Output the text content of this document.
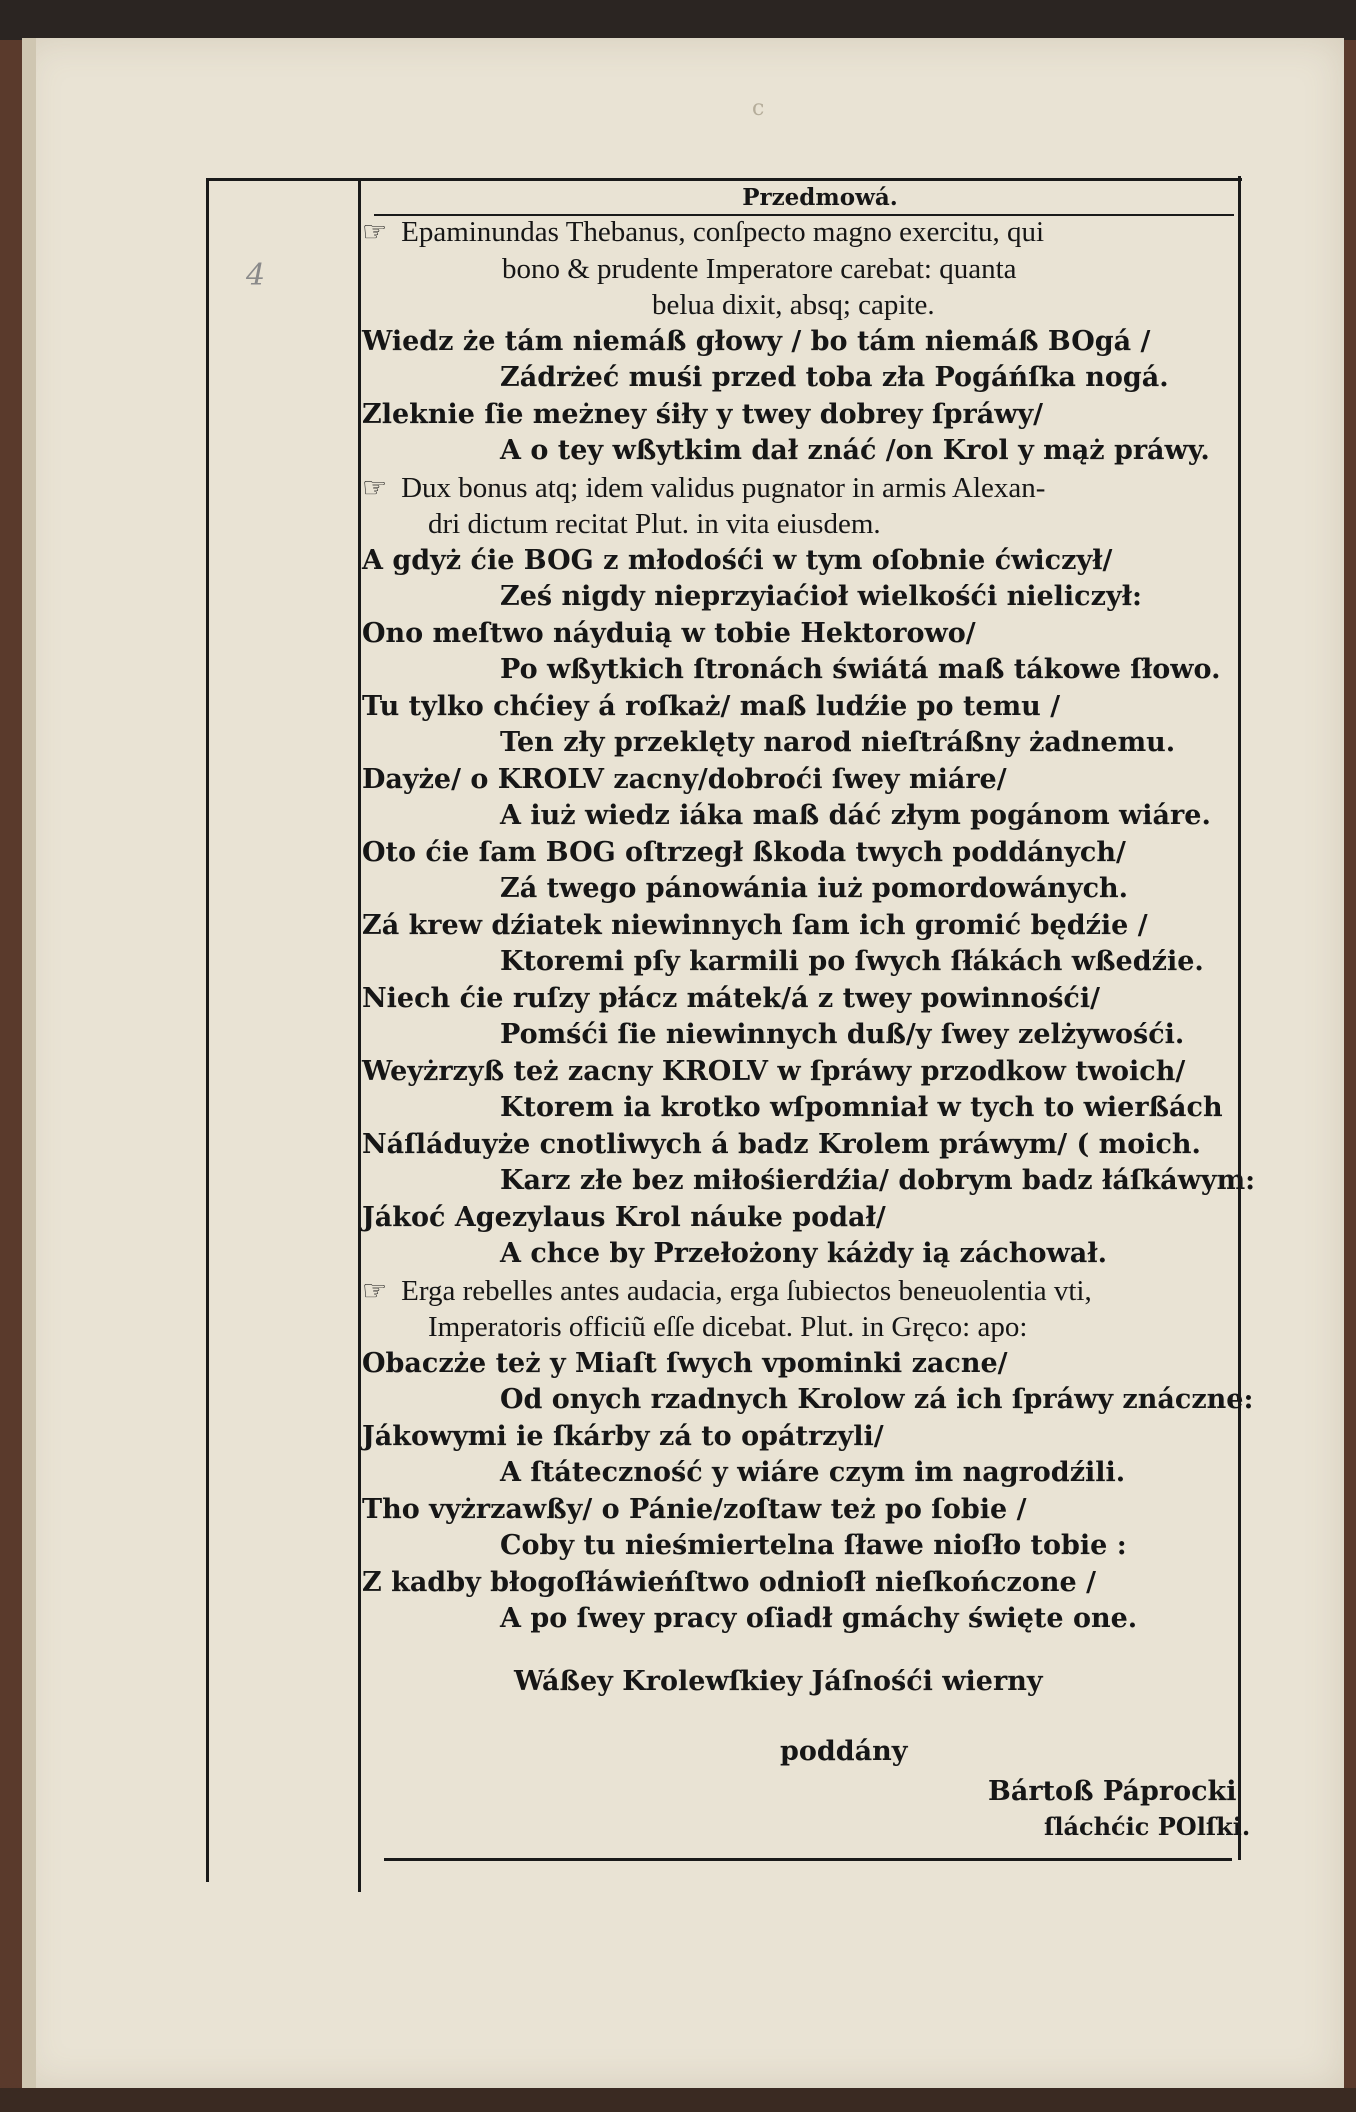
c
4
Przedmowá.
☞ Epaminundas Thebanus, conſpecto magno exercitu, qui
bono & prudente Imperatore carebat: quanta
belua dixit, absq; capite.
Wiedz że tám niemáß głowy / bo tám niemáß BOgá /
Zádrżeć muśi przed toba zła Pogáńſka nogá.
Zleknie ſie meżney śiły y twey dobrey ſpráwy/
A o tey wßytkim dał znáć /on Krol y mąż práwy.
☞ Dux bonus atq; idem validus pugnator in armis Alexan-
dri dictum recitat Plut. in vita eiusdem.
A gdyż ćie BOG z młodośći w tym oſobnie ćwiczył/
Ześ nigdy nieprzyiaćioł wielkośći nieliczył:
Ono meſtwo náyduią w tobie Hektorowo/
Po wßytkich ſtronách świátá maß tákowe ſłowo.
Tu tylko chćiey á roſkaż/ maß ludźie po temu /
Ten zły przeklęty narod nieſtráßny żadnemu.
Dayże/ o KROLV zacny/dobroći ſwey miáre/
A iuż wiedz iáka maß dáć złym pogánom wiáre.
Oto ćie ſam BOG oſtrzegł ßkoda twych poddánych/
Zá twego pánowánia iuż pomordowánych.
Zá krew dźiatek niewinnych ſam ich gromić będźie /
Ktoremi pſy karmili po ſwych ſłákách wßedźie.
Niech ćie ruſzy płácz mátek/á z twey powinnośći/
Pomśći ſie niewinnych duß/y ſwey zelżywośći.
Weyżrzyß też zacny KROLV w ſpráwy przodkow twoich/
Ktorem ia krotko wſpomniał w tych to wierßách
Náſláduyże cnotliwych á badz Krolem práwym/ ( moich.
Karz złe bez miłośierdźia/ dobrym badz łáſkáwym:
Jákoć Agezylaus Krol náuke podał/
A chce by Przełożony káżdy ią záchował.
☞ Erga rebelles antes audacia, erga ſubiectos beneuolentia vti,
Imperatoris officiũ eſſe dicebat. Plut. in Gręco: apo:
Obaczże też y Miaſt ſwych vpominki zacne/
Od onych rzadnych Krolow zá ich ſpráwy znáczne:
Jákowymi ie ſkárby zá to opátrzyli/
A ſtáteczność y wiáre czym im nagrodźili.
Tho vyżrzawßy/ o Pánie/zoſtaw też po ſobie /
Coby tu nieśmiertelna ſławe nioſło tobie :
Z kadby błogoſłáwieńſtwo odnioſł nieſkończone /
A po ſwey pracy oſiadł gmáchy święte one.
Wáßey Krolewſkiey Jáſnośći wierny
poddány
Bártoß Páprocki
ſláchćic POlſki.
